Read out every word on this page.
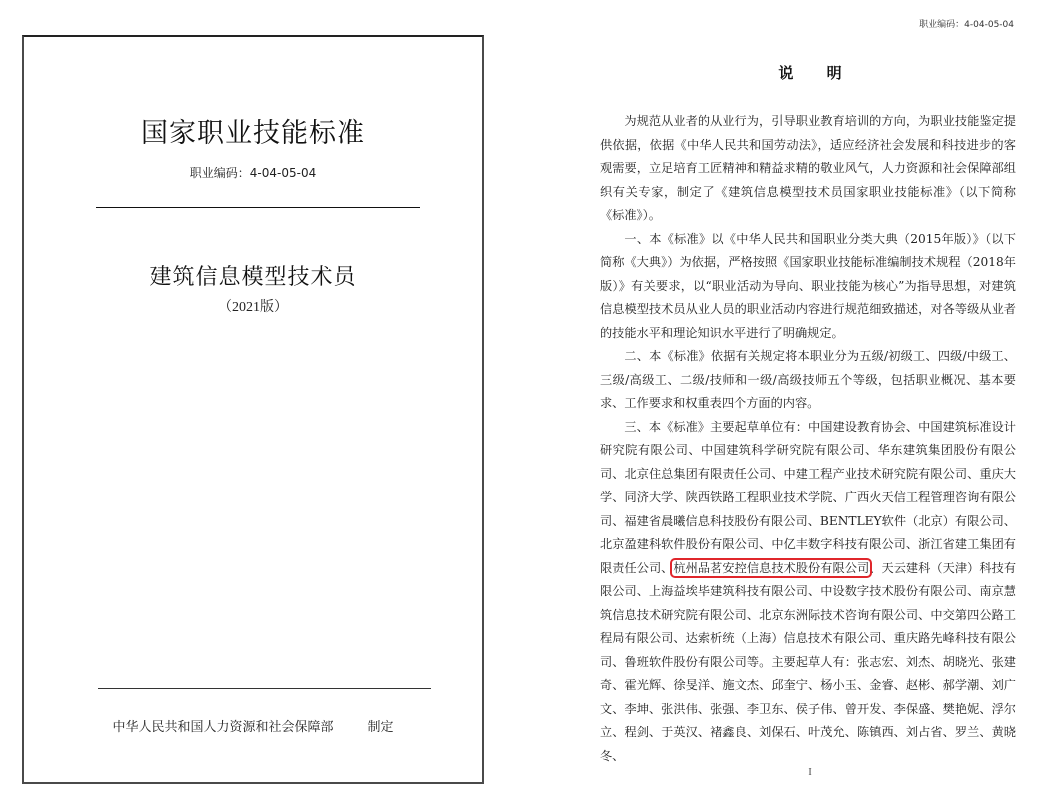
国家职业技能标准
职业编码：4-04-05-04
建筑信息模型技术员
（2021版）
中华人民共和国人力资源和社会保障部	制定
职业编码：4-04-05-04
说 明

为规范从业者的从业行为，引导职业教育培训的方向，为职业技能鉴定提供依据，依据《中华人民共和国劳动法》，适应经济社会发展和科技进步的客观需要，立足培育工匠精神和精益求精的敬业风气，人力资源和社会保障部组织有关专家，制定了《建筑信息模型技术员国家职业技能标准》（以下简称《标准》）。

一、本《标准》以《中华人民共和国职业分类大典（2015年版）》（以下简称《大典》）为依据，严格按照《国家职业技能标准编制技术规程（2018年版）》有关要求，以“职业活动为导向、职业技能为核心”为指导思想，对建筑信息模型技术员从业人员的职业活动内容进行规范细致描述，对各等级从业者的技能水平和理论知识水平进行了明确规定。

二、本《标准》依据有关规定将本职业分为五级/初级工、四级/中级工、三级/高级工、二级/技师和一级/高级技师五个等级，包括职业概况、基本要求、工作要求和权重表四个方面的内容。

三、本《标准》主要起草单位有：中国建设教育协会、中国建筑标准设计研究院有限公司、中国建筑科学研究院有限公司、华东建筑集团股份有限公司、北京住总集团有限责任公司、中建工程产业技术研究院有限公司、重庆大学、同济大学、陕西铁路工程职业技术学院、广西火天信工程管理咨询有限公司、福建省晨曦信息科技股份有限公司、BENTLEY软件（北京）有限公司、北京盈建科软件股份有限公司、中亿丰数字科技有限公司、浙江省建工集团有限责任公司、杭州品茗安控信息技术股份有限公司、天云建科（天津）科技有限公司、上海益埃毕建筑科技有限公司、中设数字技术股份有限公司、南京慧筑信息技术研究院有限公司、北京东洲际技术咨询有限公司、中交第四公路工程局有限公司、达索析统（上海）信息技术有限公司、重庆路先峰科技有限公司、鲁班软件股份有限公司等。主要起草人有：张志宏、刘杰、胡晓光、张建奇、霍光辉、徐旻洋、施文杰、邱奎宁、杨小玉、金睿、赵彬、郝学潮、刘广文、李坤、张洪伟、张强、李卫东、侯子伟、曾开发、李保盛、樊艳妮、浮尔立、程剑、于英汉、褚鑫良、刘保石、叶茂允、陈镇西、刘占省、罗兰、黄晓冬、

I
